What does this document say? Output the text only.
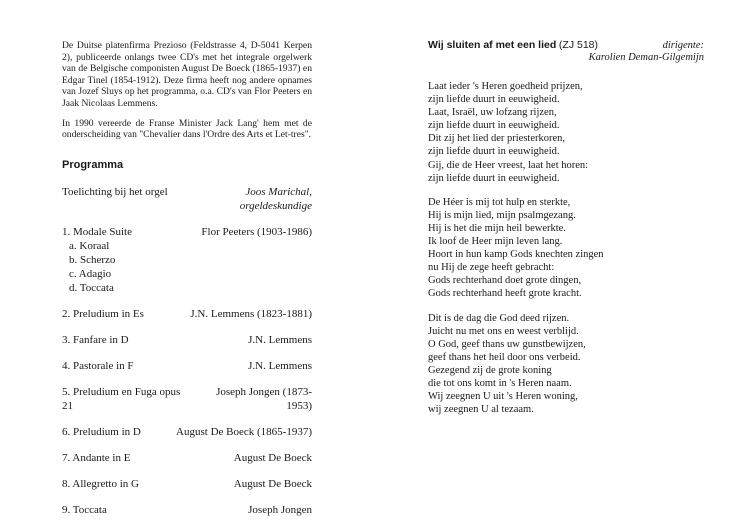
De Duitse platenfirma Prezioso (Feldstrasse 4, D-5041 Kerpen 2), publiceerde onlangs twee CD's met het integrale orgelwerk van de Belgische componisten August De Boeck (1865-1937) en Edgar Tinel (1854-1912). Deze firma heeft nog andere opnames van Jozef Sluys op het programma, o.a. CD's van Flor Peeters en Jaak Nicolaas Lemmens.

In 1990 vereerde de Franse Minister Jack Lang' hem met de onderscheiding van "Chevalier dans l'Ordre des Arts et Let-tres".

Programma
Toelichting bij het orgel	Joos Marichal,
orgeldeskundige
1. Modale Suite	Flor Peeters (1903-1986)
a. Koraal
b. Scherzo
c. Adagio
d. Toccata
2. Preludium in Es	J.N. Lemmens (1823-1881)
3. Fanfare in D	J.N. Lemmens
4. Pastorale in F	J.N. Lemmens
5. Preludium en Fuga opus 21
Joseph Jongen (1873-1953)
6. Preludium in D	August De Boeck (1865-1937)
7. Andante in E	August De Boeck
8. Allegretto in G	August De Boeck
9. Toccata	Joseph Jongen
Wij sluiten af met een lied (ZJ 518)	dirigente:
Karolien Deman-Gilgemijn
Laat ieder 's Heren goedheid prijzen,
zijn liefde duurt in eeuwigheid.
Laat, Israël, uw lofzang rijzen,
zijn liefde duurt in eeuwigheid.
Dit zij het lied der priesterkoren,
zijn liefde duurt in eeuwigheid.
Gij, die de Heer vreest, laat het horen:
zijn liefde duurt in eeuwigheid.
De Héer is mij tot hulp en sterkte,
Hij is mijn lied, mijn psalmgezang.
Hij is het die mijn heil bewerkte.
Ik loof de Heer mijn leven lang.
Hoort in hun kamp Gods knechten zingen
nu Hij de zege heeft gebracht:
Gods rechterhand doet grote dingen,
Gods rechterhand heeft grote kracht.
Dit is de dag die God deed rijzen.
Juicht nu met ons en weest verblijd.
O God, geef thans uw gunstbewijzen,
geef thans het heil door ons verbeid.
Gezegend zij de grote koning
die tot ons komt in 's Heren naam.
Wij zeegnen U uit 's Heren woning,
wij zeegnen U al tezaam.
